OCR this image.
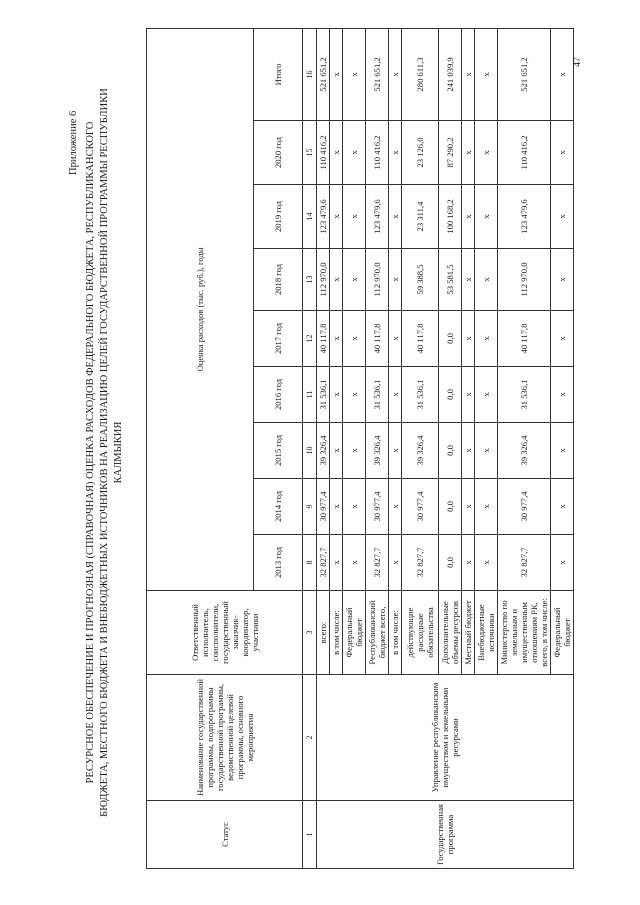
Приложение 6 РЕСУРСНОЕ ОБЕСПЕЧЕНИЕ И ПРОГНОЗНАЯ (СПРАВОЧНАЯ) ОЦЕНКА РАСХОДОВ ФЕДЕРАЛЬНОГО БЮДЖЕТА, РЕСПУБЛИКАНСКОГО БЮДЖЕТА, МЕСТНОГО БЮДЖЕТА И ВНЕБЮДЖЕТНЫХ ИСТОЧНИКОВ НА РЕАЛИЗАЦИЮ ЦЕЛЕЙ ГОСУДАРСТВЕННОЙ ПРОГРАММЫ РЕСПУБЛИКИ КАЛМЫКИЯ
Статус	Наименование государственной программы, подпрограммы государственной программы, ведомственной целевой программы, основного мероприятия	Ответственный исполнитель, соисполнители, государственный заказчик-координатор, участники	Оценка расходов (тыс. руб.), годы								
			2013 год	2014 год	2015 год	2016 год	2017 год	2018 год	2019 год	2020 год	Итого
1	2	3	8	9	10	11	12	13	14	15	16
Государственная программа	Управление республиканским имуществом и земельными ресурсами	всего:	32 827,7	30 977,4	39 326,4	31 536,1	40 117,8	112 970,0	123 479,6	110 416,2	521 651,2
		в том числе:	x	x	x	x	x	x	x	x	x
		Федеральный бюджет	x	x	x	x	x	x	x	x	x
		Республиканский бюджет всего,	32 827,7	30 977,4	39 326,4	31 536,1	40 117,8	112 970,0	123 479,6	110 416,2	521 651,2
		в том числе:	x	x	x	x	x	x	x	x	x
		действующие расходные обязательства	32 827,7	30 977,4	39 326,4	31 536,1	40 117,8	59 388,5	23 311,4	23 126,0	280 611,3
		Дополнительные объемы ресурсов	0,0	0,0	0,0	0,0	0,0	53 581,5	100 168,2	87 290,2	241 039,9
		Местный бюджет	x	x	x	x	x	x	x	x	x
		Внебюджетные источники	x	x	x	x	x	x	x	x	x
		Министерство по земельным и имущественным отношениям РК, всего, в том числе:	32 827,7	30 977,4	39 326,4	31 536,1	40 117,8	112 970,0	123 479,6	110 416,2	521 651,2
		Федеральный бюджет	x	x	x	x	x	x	x	x	x
47
